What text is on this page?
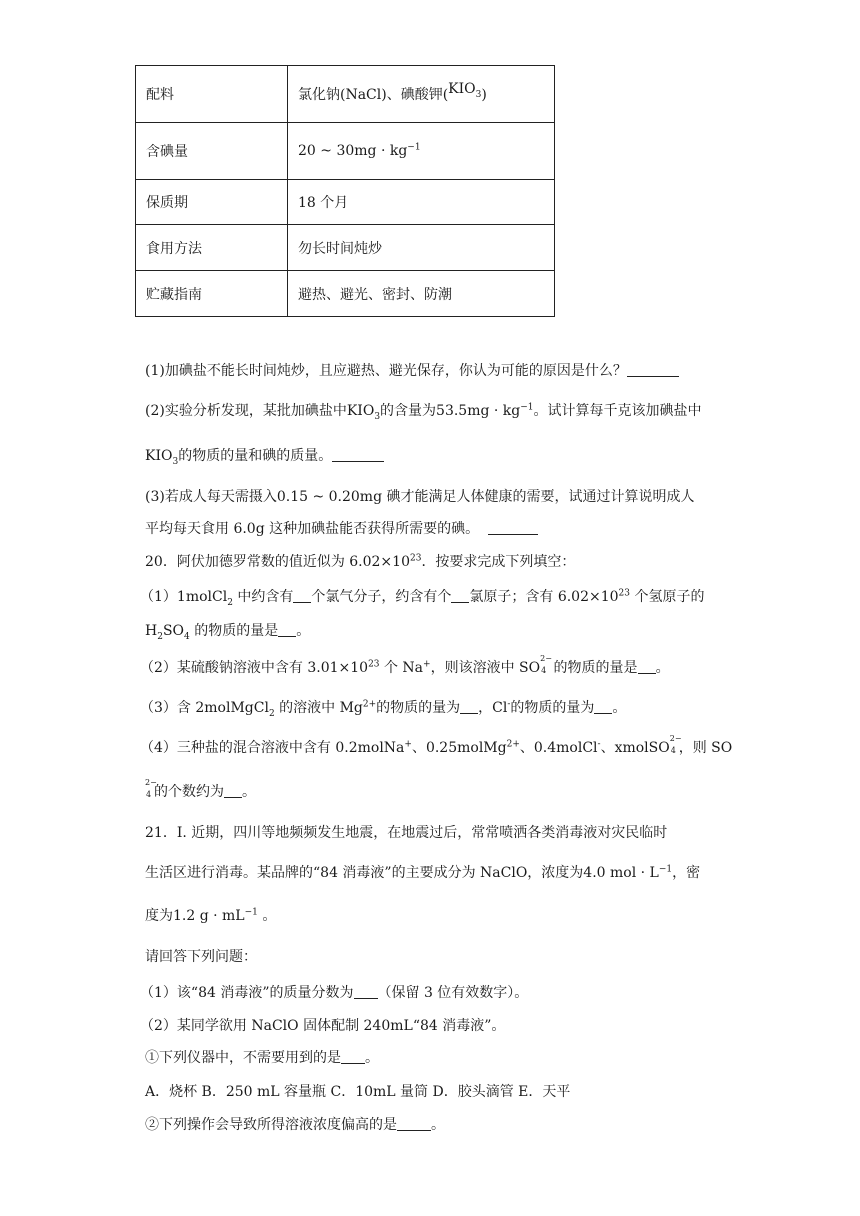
配料	氯化钠(NaCl)、碘酸钾$(KIO_3)$
含碘量	20 ~ $30mg \cdot kg^{-1}$
保质期	18 个月
食用方法	勿长时间炖炒
贮藏指南	避热、避光、密封、防潮
(1)加碘盐不能长时间炖炒，且应避热、避光保存，你认为可能的原因是什么？
(2)实验分析发现，某批加碘盐中$KIO_3$的含量为$53.5mg \cdot kg^{-1}$。试计算每千克该加碘盐中
$KIO_3$的物质的量和碘的质量。
(3)若成人每天需摄入0.15 ~ 0.20mg 碘才能满足人体健康的需要，试通过计算说明成人
平均每天食用 6.0g 这种加碘盐能否获得所需要的碘。
20．阿伏加德罗常数的值近似为 $6.02\times 10^{23}$．按要求完成下列填空：
（1）1molCl$_2$ 中约含有 个氯气分子，约含有个 氯原子；含有 $6.02\times 10^{23}$ 个氢原子的
$H_2SO_4$ 的物质的量是 。
（2）某硫酸钠溶液中含有 $3.01\times 10^{23}$ 个 Na+，则该溶液中 SO
2−
4 的物质的量是 。
（3）含 2molMgCl$_2$ 的溶液中 $Mg^{2+}$的物质的量为 ，Cl-的物质的量为 。
（4）三种盐的混合溶液中含有 0.2molNa+、0.25molMg$^{2+}$、0.4molCl-、xmolSO
2−
4 ，则 SO
2−
4 的个数约为 。
21．I. 近期，四川等地频频发生地震，在地震过后，常常喷洒各类消毒液对灾民临时
生活区进行消毒。某品牌的“84 消毒液”的主要成分为 NaClO，浓度为4.0 mol · $L^{-1}$，密
度为1.2 $g \cdot mL^{-1}$ 。
请回答下列问题：
（1）该“84 消毒液”的质量分数为 （保留 3 位有效数字）。
（2）某同学欲用 NaClO 固体配制 240mL“84 消毒液”。
①下列仪器中，不需要用到的是 。
A．烧杯 B．250 mL 容量瓶 C．10mL 量筒 D．胶头滴管 E．天平
②下列操作会导致所得溶液浓度偏高的是 。
